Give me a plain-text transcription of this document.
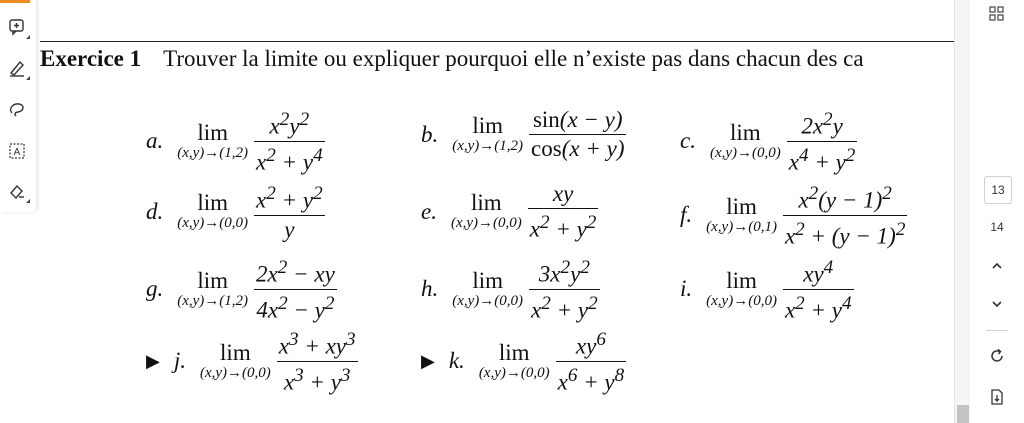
A
Exercice 1 Trouver la limite ou expliquer pourquoi elle n’existe pas dans chacun des ca
a. lim
$(x,y)\to(1,2) \frac{x^2y^2}{x^2 + y^4}$	b. lim
$(x,y)\to(1,2) \frac{\sin(x - y)}{\cos(x + y)} c$. lim
$(x,y)\to(0,0) \frac{2x^2y}{x^4 + y^2}$
d. lim
$(x,y)\to(0,0) \frac{x^2 + y^2}{y}$	e. lim
$(x,y)\to(0,0) \frac{xy}{x^2 + y^2}$	f. lim
$(x,y)\to(0,1) \frac{x^2(y - 1)^2}{x^2 + (y - 1)^2}$
g. lim
$(x,y)\to(1,2) \frac{2x^2 - xy}{4x^2 - y^2}$	h. lim
$(x,y)\to(0,0) \frac{3x^2y^2}{x^2 + y^2}$	i. lim
$(x,y)\to(0,0) \frac{xy^4}{x^2 + y^4}$
▶ j. lim
$(x,y)\to(0,0) \frac{x^3 + xy^3}{x^3 + y^3}$	▶ k. lim
$(x,y)\to(0,0) \frac{xy^6}{x^6 + y^8}$
13
14
